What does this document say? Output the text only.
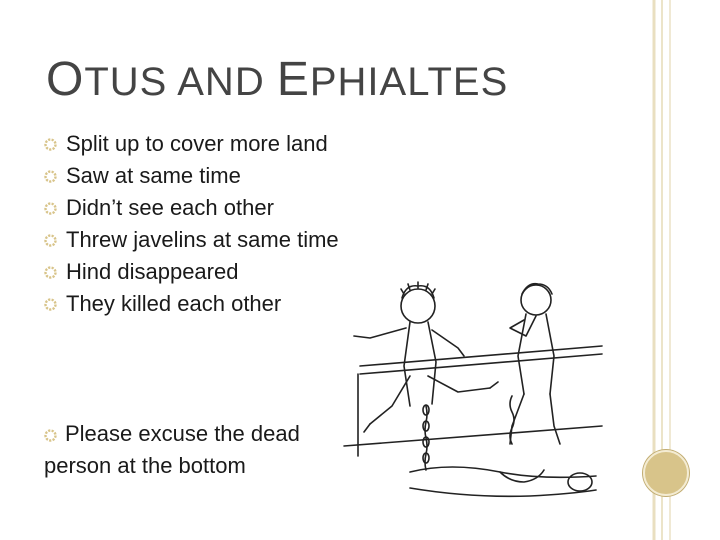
OTUS AND EPHIALTES
Split up to cover more land
Saw at same time
Didn’t see each other
Threw javelins at same time
Hind disappeared
They killed each other
Please excuse the dead person at the bottom
